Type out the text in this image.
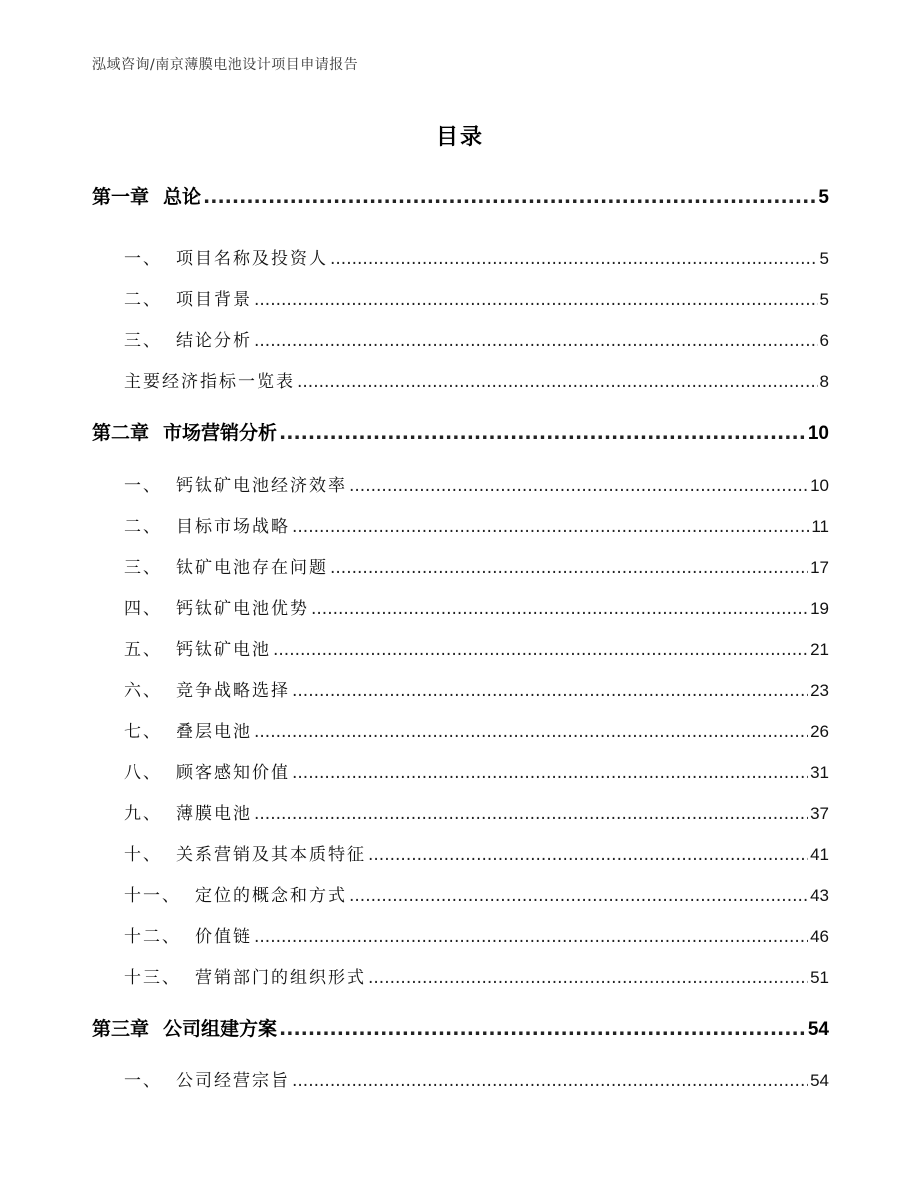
泓域咨询/南京薄膜电池设计项目申请报告
目录
第一章 总论 .....	5
一、 项目名称及投资人 .....	5
二、 项目背景 .....	5
三、 结论分析 .....	6
主要经济指标一览表 .....	8
第二章 市场营销分析 .....	10
一、 钙钛矿电池经济效率 .....	10
二、 目标市场战略 .....	11
三、 钛矿电池存在问题 .....	17
四、 钙钛矿电池优势 .....	19
五、 钙钛矿电池 .....	21
六、 竞争战略选择 .....	23
七、 叠层电池 .....	26
八、 顾客感知价值 .....	31
九、 薄膜电池 .....	37
十、 关系营销及其本质特征 .....	41
十一、 定位的概念和方式 .....	43
十二、 价值链 .....	46
十三、 营销部门的组织形式 .....	51
第三章 公司组建方案 .....	54
一、 公司经营宗旨 .....	54
